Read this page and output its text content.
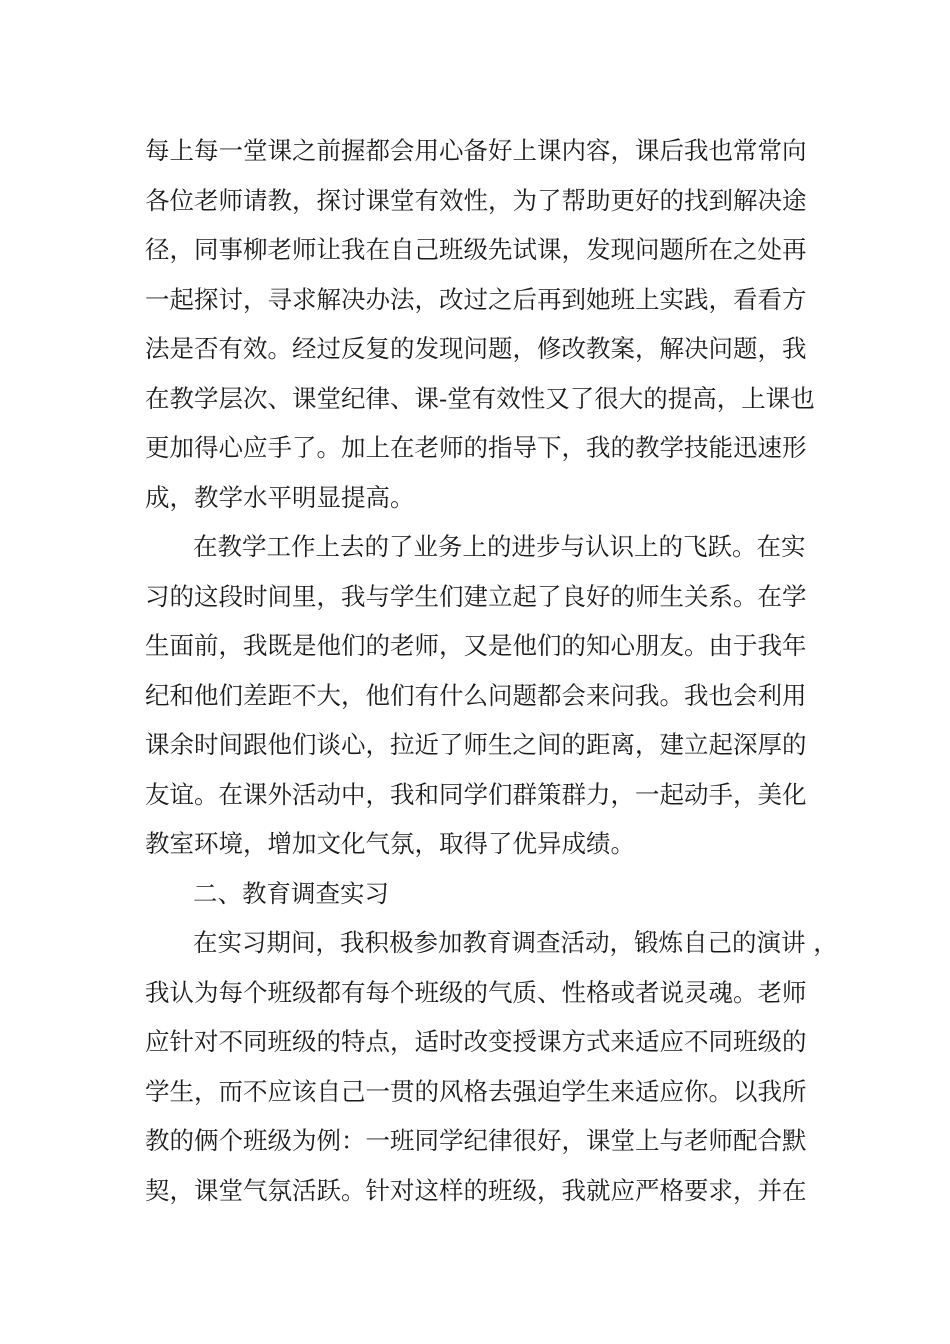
每上每一堂课之前握都会用心备好上课内容，课后我也常常向
各位老师请教，探讨课堂有效性，为了帮助更好的找到解决途
径，同事柳老师让我在自己班级先试课，发现问题所在之处再
一起探讨，寻求解决办法，改过之后再到她班上实践，看看方
法是否有效。经过反复的发现问题，修改教案，解决问题，我
在教学层次、课堂纪律、课-堂有效性又了很大的提高，上课也
更加得心应手了。加上在老师的指导下，我的教学技能迅速形
成，教学水平明显提高。
在教学工作上去的了业务上的进步与认识上的飞跃。在实
习的这段时间里，我与学生们建立起了良好的师生关系。在学
生面前，我既是他们的老师，又是他们的知心朋友。由于我年
纪和他们差距不大，他们有什么问题都会来问我。我也会利用
课余时间跟他们谈心，拉近了师生之间的距离，建立起深厚的
友谊。在课外活动中，我和同学们群策群力，一起动手，美化
教室环境，增加文化气氛，取得了优异成绩。
二、教育调查实习
在实习期间，我积极参加教育调查活动，锻炼自己的演讲 ，
我认为每个班级都有每个班级的气质、性格或者说灵魂。老师
应针对不同班级的特点，适时改变授课方式来适应不同班级的
学生，而不应该自己一贯的风格去强迫学生来适应你。以我所
教的俩个班级为例：一班同学纪律很好，课堂上与老师配合默
契，课堂气氛活跃。针对这样的班级，我就应严格要求，并在
